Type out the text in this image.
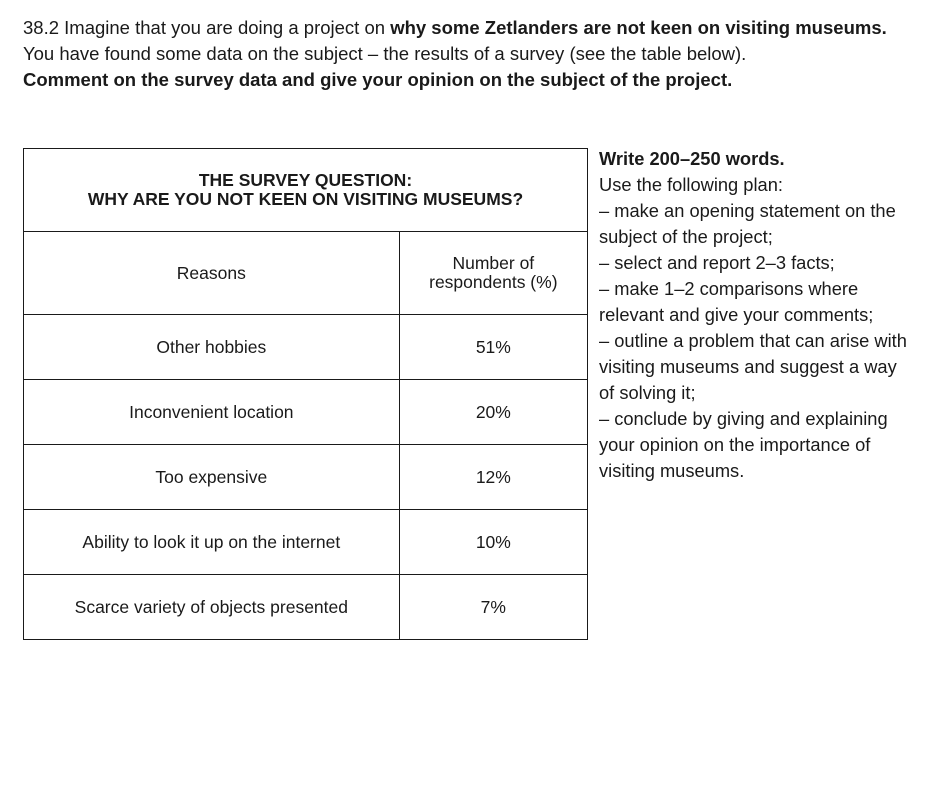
38.2 Imagine that you are doing a project on why some Zetlanders are not keen on visiting museums. You have found some data on the subject – the results of a survey (see the table below).
Comment on the survey data and give your opinion on the subject of the project.
THE SURVEY QUESTION:
WHY ARE YOU NOT KEEN ON VISITING MUSEUMS?	

Reasons	Number of
respondents (%)

Other hobbies	51%
Inconvenient location	20%
Too expensive	12%
Ability to look it up on the internet	10%
Scarce variety of objects presented	7%
Write 200–250 words.
Use the following plan:
– make an opening statement on the subject of the project;
– select and report 2–3 facts;
– make 1–2 comparisons where relevant and give your comments;
– outline a problem that can arise with visiting museums and suggest a way of solving it;
– conclude by giving and explaining your opinion on the importance of visiting museums.
